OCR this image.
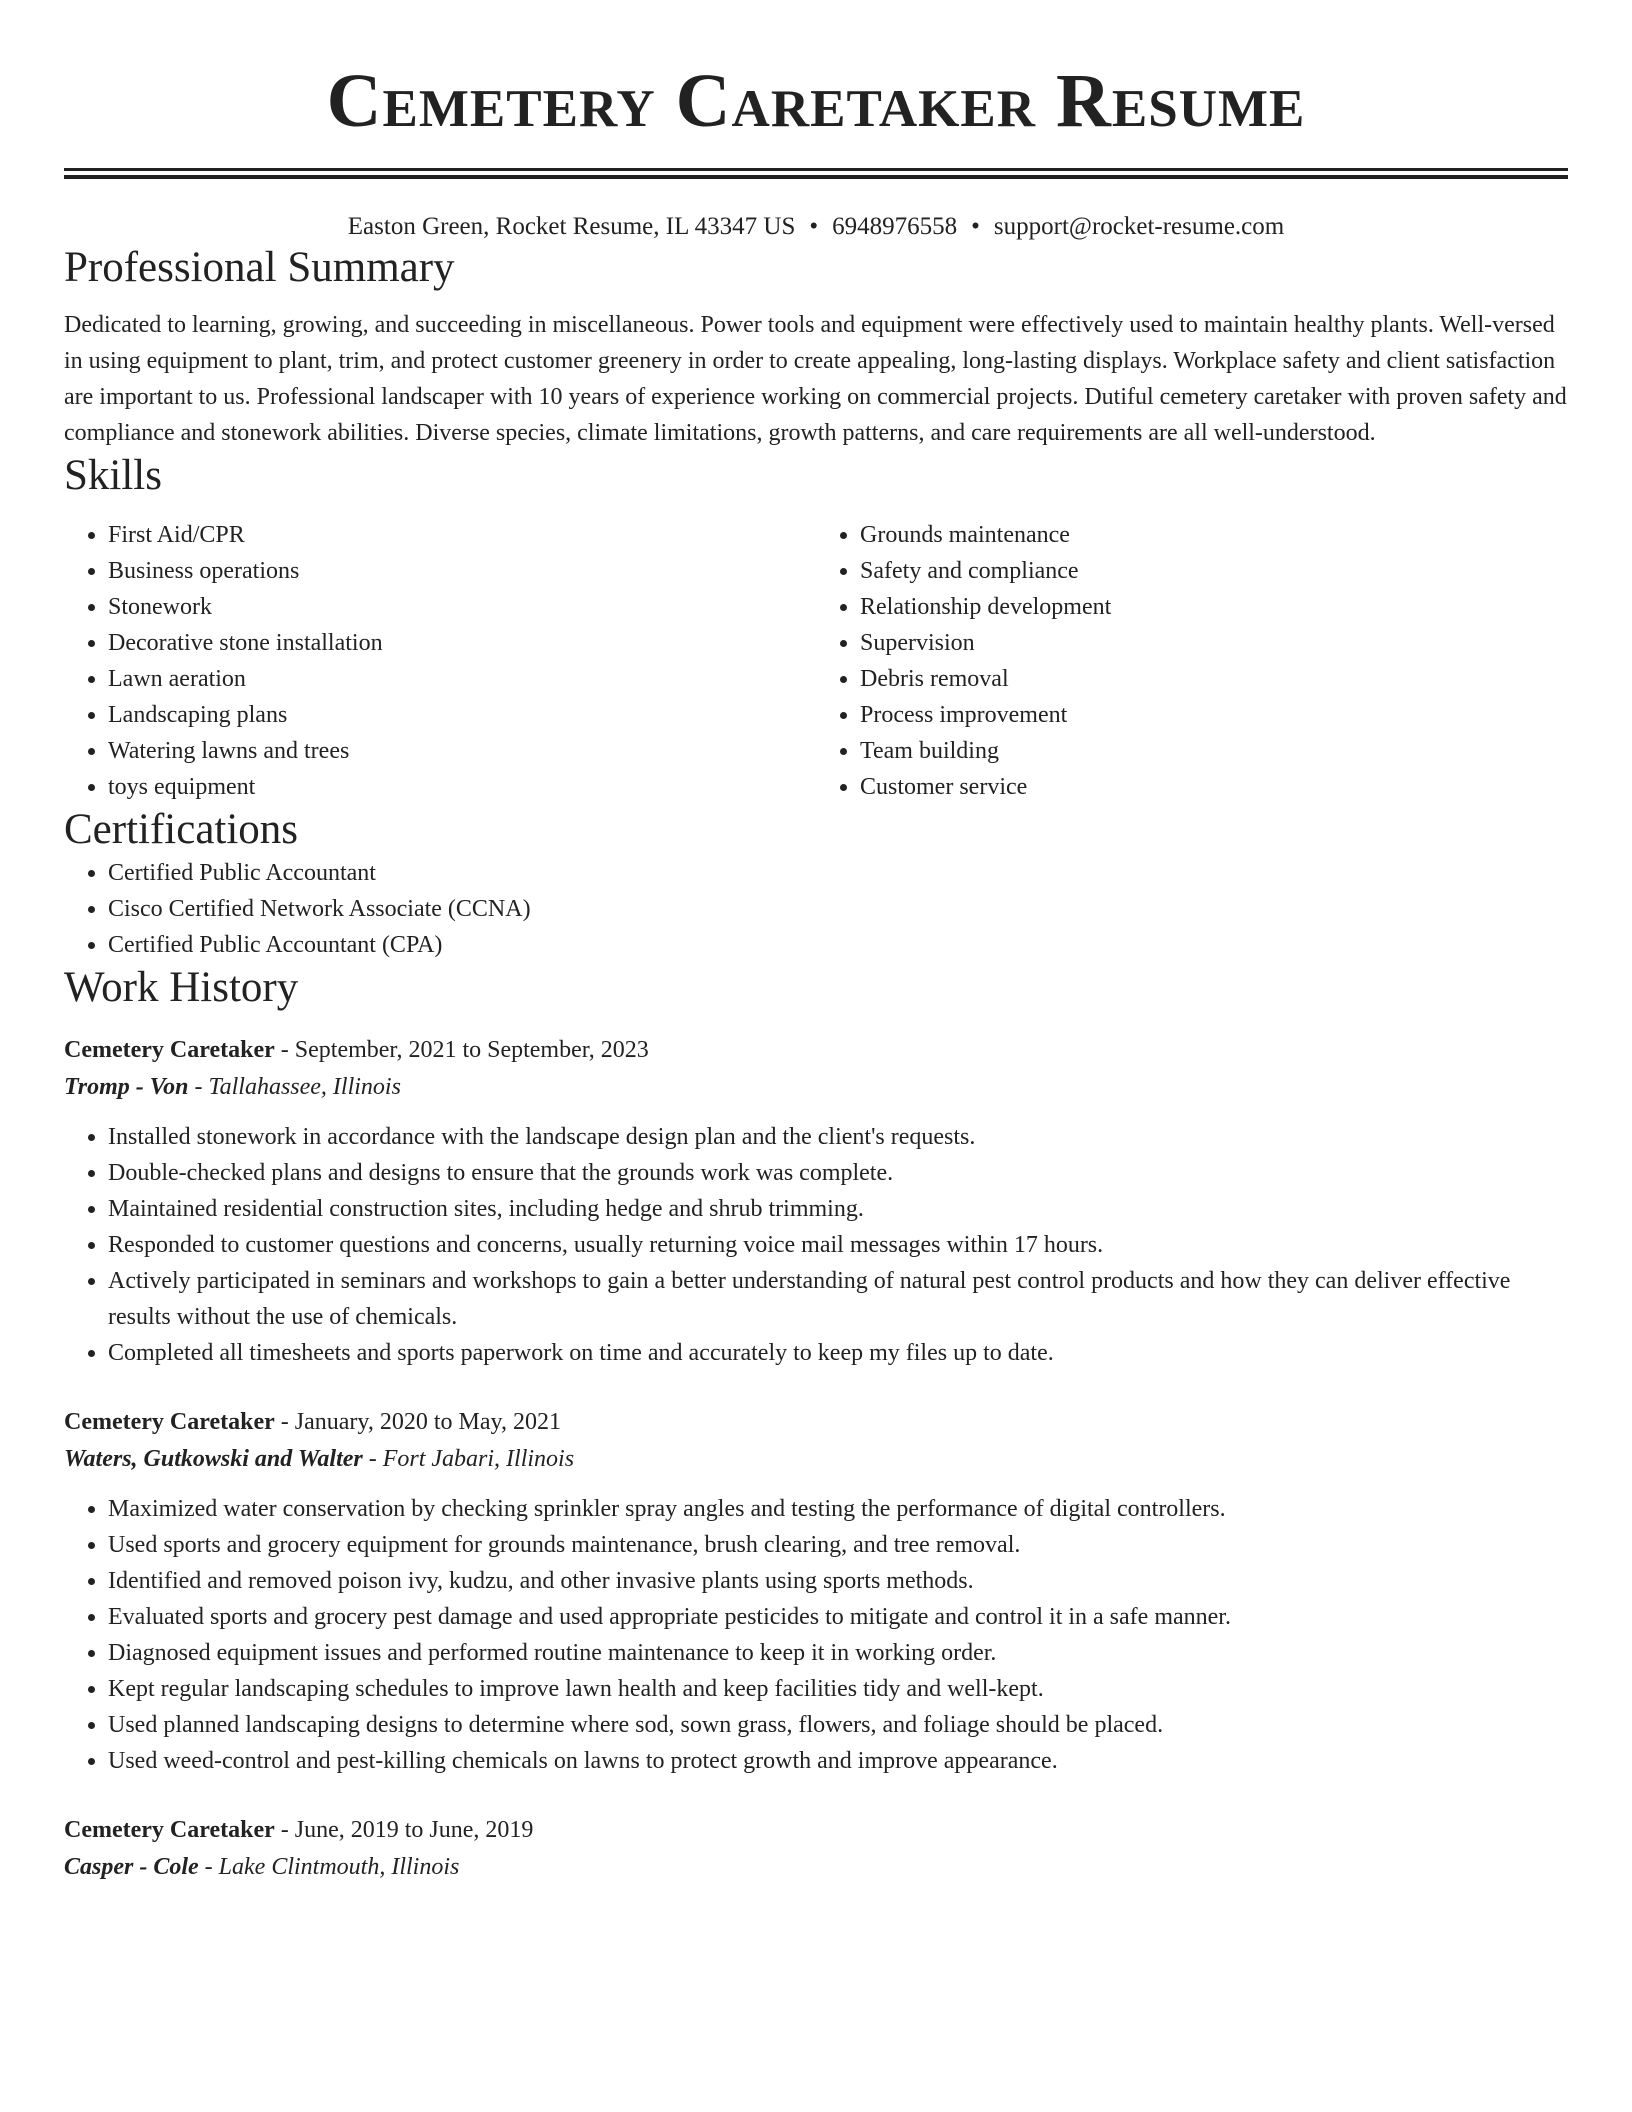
Cemetery Caretaker Resume
Easton Green, Rocket Resume, IL 43347 US • 6948976558 • support@rocket-resume.com
Professional Summary

Dedicated to learning, growing, and succeeding in miscellaneous. Power tools and equipment were effectively used to maintain healthy plants. Well-versed in using equipment to plant, trim, and protect customer greenery in order to create appealing, long-lasting displays. Workplace safety and client satisfaction are important to us. Professional landscaper with 10 years of experience working on commercial projects. Dutiful cemetery caretaker with proven safety and compliance and stonework abilities. Diverse species, climate limitations, growth patterns, and care requirements are all well-understood.

Skills
• First Aid/CPR
• Business operations
• Stonework
• Decorative stone installation
• Lawn aeration
• Landscaping plans
• Watering lawns and trees
• toys equipment
• Grounds maintenance
• Safety and compliance
• Relationship development
• Supervision
• Debris removal
• Process improvement
• Team building
• Customer service
Certifications
• Certified Public Accountant
• Cisco Certified Network Associate (CCNA)
• Certified Public Accountant (CPA)
Work History
Cemetery Caretaker - September, 2021 to September, 2023
Tromp - Von - Tallahassee, Illinois
• Installed stonework in accordance with the landscape design plan and the client's requests.
• Double-checked plans and designs to ensure that the grounds work was complete.
• Maintained residential construction sites, including hedge and shrub trimming.
• Responded to customer questions and concerns, usually returning voice mail messages within 17 hours.
• Actively participated in seminars and workshops to gain a better understanding of natural pest control products and how they can deliver effective results without the use of chemicals.
• Completed all timesheets and sports paperwork on time and accurately to keep my files up to date.
Cemetery Caretaker - January, 2020 to May, 2021
Waters, Gutkowski and Walter - Fort Jabari, Illinois
• Maximized water conservation by checking sprinkler spray angles and testing the performance of digital controllers.
• Used sports and grocery equipment for grounds maintenance, brush clearing, and tree removal.
• Identified and removed poison ivy, kudzu, and other invasive plants using sports methods.
• Evaluated sports and grocery pest damage and used appropriate pesticides to mitigate and control it in a safe manner.
• Diagnosed equipment issues and performed routine maintenance to keep it in working order.
• Kept regular landscaping schedules to improve lawn health and keep facilities tidy and well-kept.
• Used planned landscaping designs to determine where sod, sown grass, flowers, and foliage should be placed.
• Used weed-control and pest-killing chemicals on lawns to protect growth and improve appearance.
Cemetery Caretaker - June, 2019 to June, 2019
Casper - Cole - Lake Clintmouth, Illinois
